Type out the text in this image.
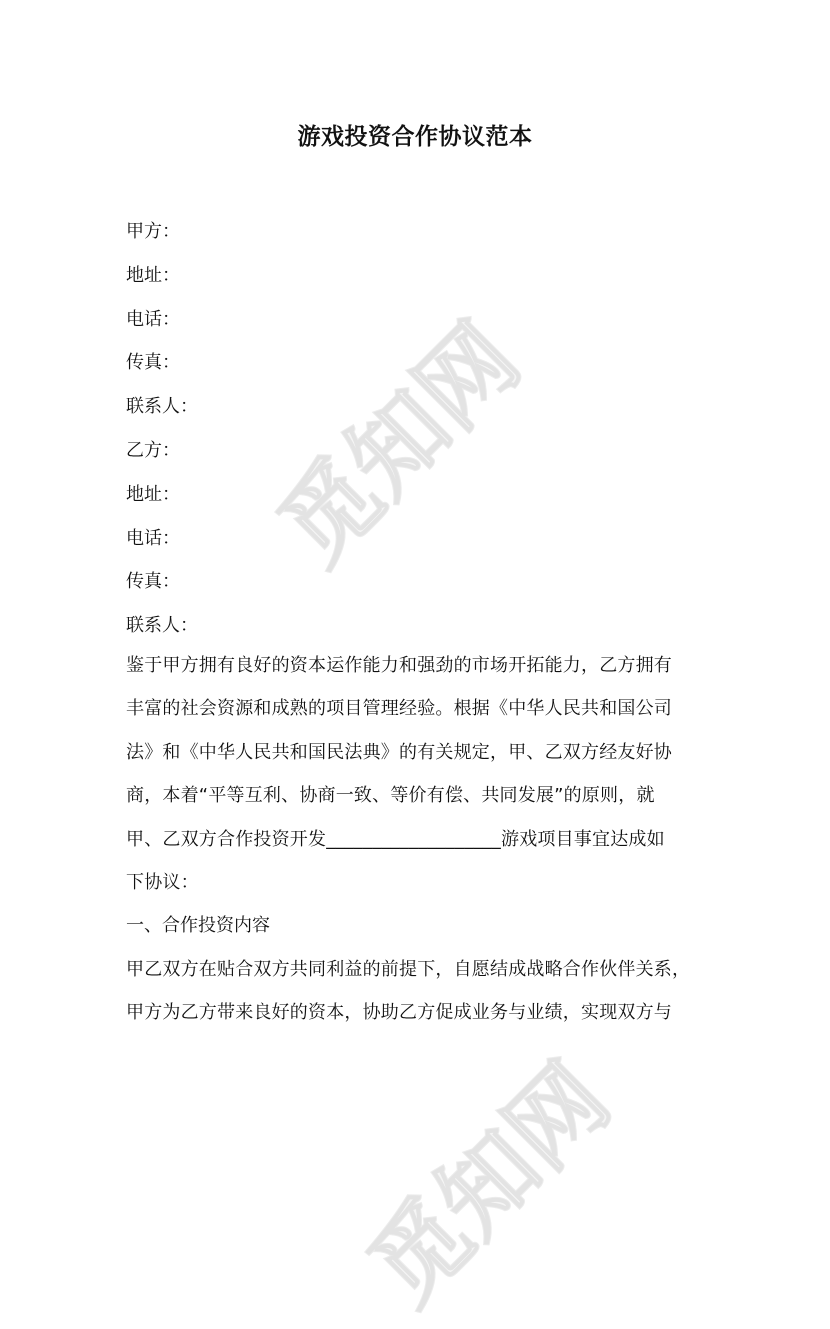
觅知网
觅知网
游戏投资合作协议范本
甲方：
地址：
电话：
传真：
联系人：
乙方：
地址：
电话：
传真：
联系人：
鉴于甲方拥有良好的资本运作能力和强劲的市场开拓能力，乙方拥有
丰富的社会资源和成熟的项目管理经验。根据《中华人民共和国公司
法》和《中华人民共和国民法典》的有关规定，甲、乙双方经友好协
商，本着“平等互利、协商一致、等价有偿、共同发展”的原则，就
甲、乙双方合作投资开发___________________游戏项目事宜达成如
下协议：
一、合作投资内容
甲乙双方在贴合双方共同利益的前提下，自愿结成战略合作伙伴关系，
甲方为乙方带来良好的资本，协助乙方促成业务与业绩，实现双方与
